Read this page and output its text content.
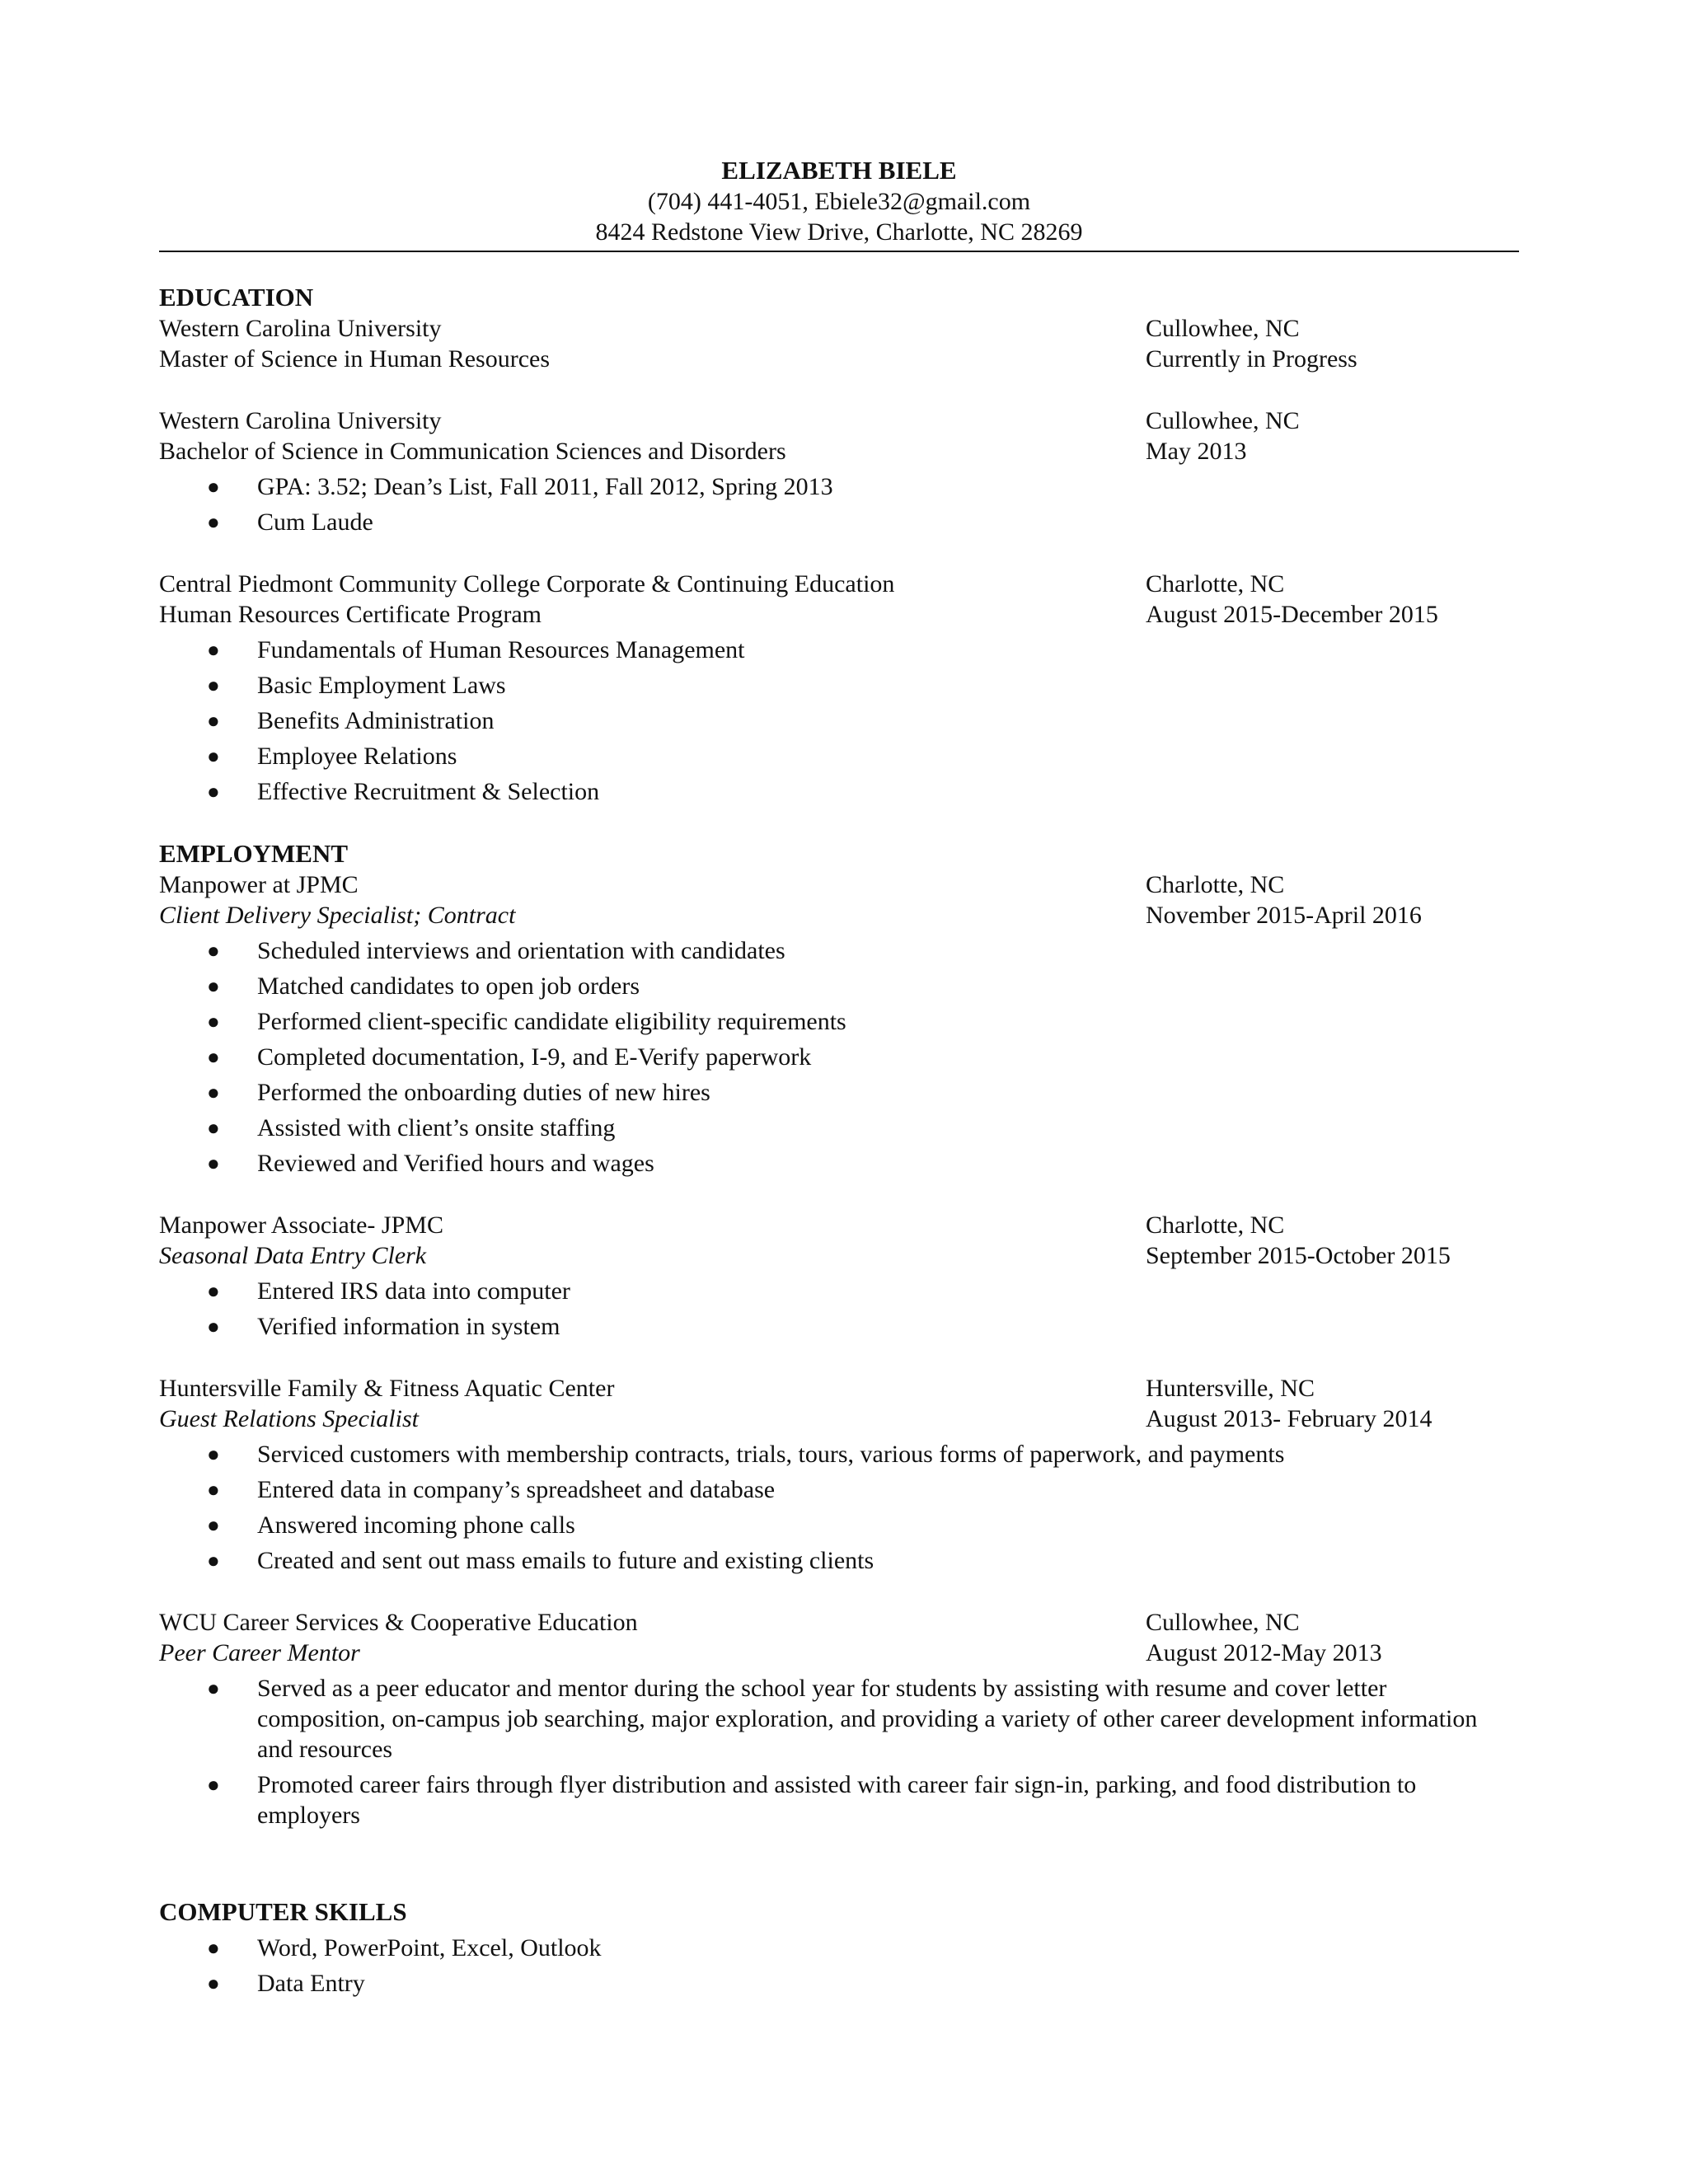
ELIZABETH BIELE
(704) 441-4051, Ebiele32@gmail.com
8424 Redstone View Drive, Charlotte, NC 28269
EDUCATION
Western Carolina University	Cullowhee, NC
Master of Science in Human Resources	Currently in Progress
Western Carolina University	Cullowhee, NC
Bachelor of Science in Communication Sciences and Disorders	May 2013
● GPA: 3.52; Dean’s List, Fall 2011, Fall 2012, Spring 2013
● Cum Laude
Central Piedmont Community College Corporate & Continuing Education	Charlotte, NC
Human Resources Certificate Program	August 2015-December 2015
● Fundamentals of Human Resources Management
● Basic Employment Laws
● Benefits Administration
● Employee Relations
● Effective Recruitment & Selection
EMPLOYMENT
Manpower at JPMC	Charlotte, NC
Client Delivery Specialist; Contract	November 2015-April 2016
● Scheduled interviews and orientation with candidates
● Matched candidates to open job orders
● Performed client-specific candidate eligibility requirements
● Completed documentation, I-9, and E-Verify paperwork
● Performed the onboarding duties of new hires
● Assisted with client’s onsite staffing
● Reviewed and Verified hours and wages
Manpower Associate- JPMC	Charlotte, NC
Seasonal Data Entry Clerk	September 2015-October 2015
● Entered IRS data into computer
● Verified information in system
Huntersville Family & Fitness Aquatic Center	Huntersville, NC
Guest Relations Specialist	August 2013- February 2014
● Serviced customers with membership contracts, trials, tours, various forms of paperwork, and payments
● Entered data in company’s spreadsheet and database
● Answered incoming phone calls
● Created and sent out mass emails to future and existing clients
WCU Career Services & Cooperative Education	Cullowhee, NC
Peer Career Mentor	August 2012-May 2013
● Served as a peer educator and mentor during the school year for students by assisting with resume and cover letter composition, on-campus job searching, major exploration, and providing a variety of other career development information and resources
● Promoted career fairs through flyer distribution and assisted with career fair sign-in, parking, and food distribution to employers
COMPUTER SKILLS
● Word, PowerPoint, Excel, Outlook
● Data Entry
